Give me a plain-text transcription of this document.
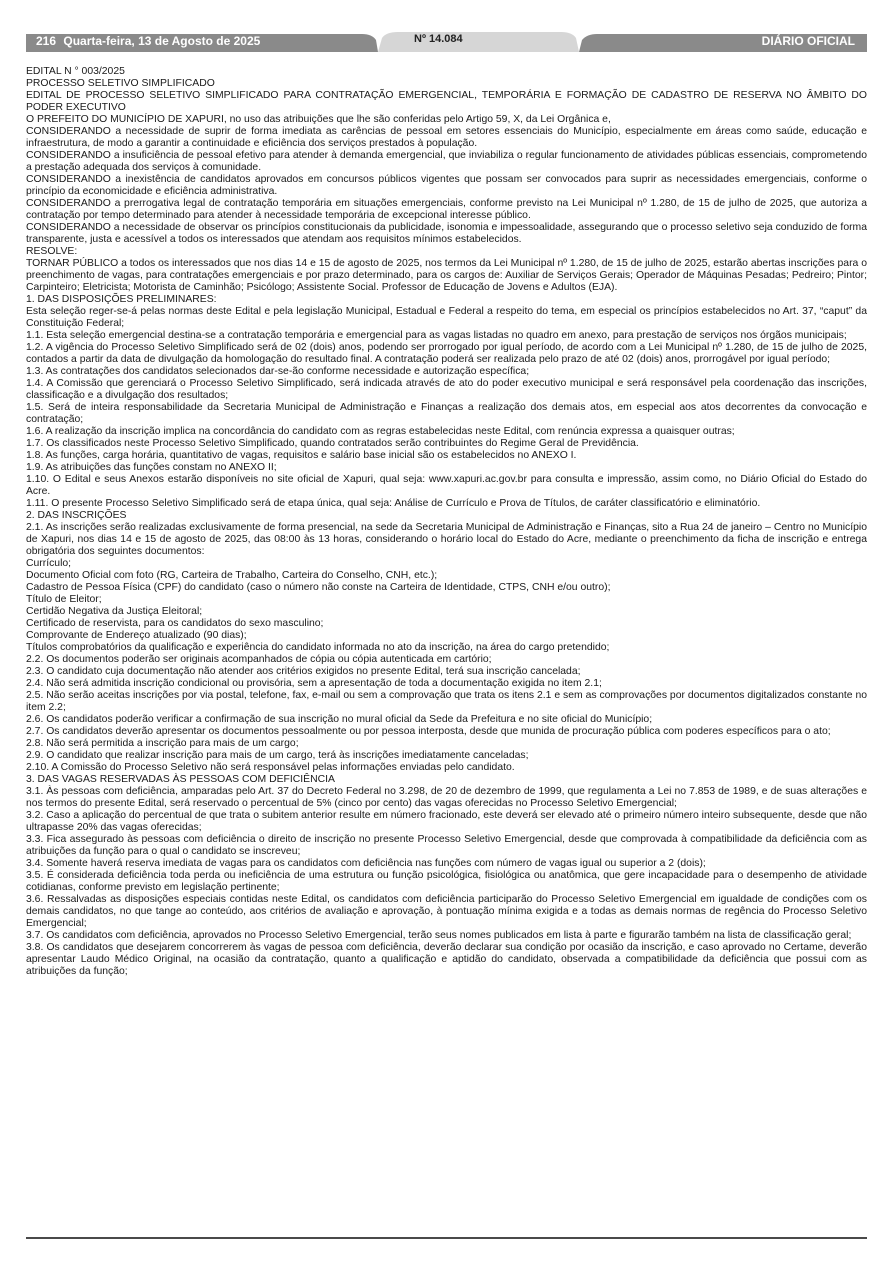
216 Quarta-feira, 13 de Agosto de 2025	Nº 14.084	DIÁRIO OFICIAL

EDITAL N ° 003/2025

PROCESSO SELETIVO SIMPLIFICADO

EDITAL DE PROCESSO SELETIVO SIMPLIFICADO PARA CONTRATAÇÃO EMERGENCIAL, TEMPORÁRIA E FORMAÇÃO DE CADASTRO DE RESERVA NO ÂMBITO DO PODER EXECUTIVO

O PREFEITO DO MUNICÍPIO DE XAPURI, no uso das atribuições que lhe são conferidas pelo Artigo 59, X, da Lei Orgânica e,

CONSIDERANDO a necessidade de suprir de forma imediata as carências de pessoal em setores essenciais do Município, especialmente em áreas como saúde, educação e infraestrutura, de modo a garantir a continuidade e eficiência dos serviços prestados à população.

CONSIDERANDO a insuficiência de pessoal efetivo para atender à demanda emergencial, que inviabiliza o regular funcionamento de atividades públicas essenciais, comprometendo a prestação adequada dos serviços à comunidade.

CONSIDERANDO a inexistência de candidatos aprovados em concursos públicos vigentes que possam ser convocados para suprir as necessidades emergenciais, conforme o princípio da economicidade e eficiência administrativa.

CONSIDERANDO a prerrogativa legal de contratação temporária em situações emergenciais, conforme previsto na Lei Municipal nº 1.280, de 15 de julho de 2025, que autoriza a contratação por tempo determinado para atender à necessidade temporária de excepcional interesse público.

CONSIDERANDO a necessidade de observar os princípios constitucionais da publicidade, isonomia e impessoalidade, assegurando que o processo seletivo seja conduzido de forma transparente, justa e acessível a todos os interessados que atendam aos requisitos mínimos estabelecidos.

RESOLVE:

TORNAR PÚBLICO a todos os interessados que nos dias 14 e 15 de agosto de 2025, nos termos da Lei Municipal nº 1.280, de 15 de julho de 2025, estarão abertas inscrições para o preenchimento de vagas, para contratações emergenciais e por prazo determinado, para os cargos de: Auxiliar de Serviços Gerais; Operador de Máquinas Pesadas; Pedreiro; Pintor; Carpinteiro; Eletricista; Motorista de Caminhão; Psicólogo; Assistente Social. Professor de Educação de Jovens e Adultos (EJA).

1. DAS DISPOSIÇÕES PRELIMINARES:

Esta seleção reger-se-á pelas normas deste Edital e pela legislação Municipal, Estadual e Federal a respeito do tema, em especial os princípios estabelecidos no Art. 37, “caput” da Constituição Federal;

1.1. Esta seleção emergencial destina-se a contratação temporária e emergencial para as vagas listadas no quadro em anexo, para prestação de serviços nos órgãos municipais;

1.2. A vigência do Processo Seletivo Simplificado será de 02 (dois) anos, podendo ser prorrogado por igual período, de acordo com a Lei Municipal nº 1.280, de 15 de julho de 2025, contados a partir da data de divulgação da homologação do resultado final. A contratação poderá ser realizada pelo prazo de até 02 (dois) anos, prorrogável por igual período;

1.3. As contratações dos candidatos selecionados dar-se-ão conforme necessidade e autorização específica;

1.4. A Comissão que gerenciará o Processo Seletivo Simplificado, será indicada através de ato do poder executivo municipal e será responsável pela coordenação das inscrições, classificação e a divulgação dos resultados;

1.5. Será de inteira responsabilidade da Secretaria Municipal de Administração e Finanças a realização dos demais atos, em especial aos atos decorrentes da convocação e contratação;

1.6. A realização da inscrição implica na concordância do candidato com as regras estabelecidas neste Edital, com renúncia expressa a quaisquer outras;

1.7. Os classificados neste Processo Seletivo Simplificado, quando contratados serão contribuintes do Regime Geral de Previdência.

1.8. As funções, carga horária, quantitativo de vagas, requisitos e salário base inicial são os estabelecidos no ANEXO I.

1.9. As atribuições das funções constam no ANEXO II;

1.10. O Edital e seus Anexos estarão disponíveis no site oficial de Xapuri, qual seja: www.xapuri.ac.gov.br para consulta e impressão, assim como, no Diário Oficial do Estado do Acre.

1.11. O presente Processo Seletivo Simplificado será de etapa única, qual seja: Análise de Currículo e Prova de Títulos, de caráter classificatório e eliminatório.

2. DAS INSCRIÇÕES

2.1. As inscrições serão realizadas exclusivamente de forma presencial, na sede da Secretaria Municipal de Administração e Finanças, sito a Rua 24 de janeiro – Centro no Município de Xapuri, nos dias 14 e 15 de agosto de 2025, das 08:00 às 13 horas, considerando o horário local do Estado do Acre, mediante o preenchimento da ficha de inscrição e entrega obrigatória dos seguintes documentos:

Currículo;

Documento Oficial com foto (RG, Carteira de Trabalho, Carteira do Conselho, CNH, etc.);

Cadastro de Pessoa Física (CPF) do candidato (caso o número não conste na Carteira de Identidade, CTPS, CNH e/ou outro);

Título de Eleitor;

Certidão Negativa da Justiça Eleitoral;

Certificado de reservista, para os candidatos do sexo masculino;

Comprovante de Endereço atualizado (90 dias);

Títulos comprobatórios da qualificação e experiência do candidato informada no ato da inscrição, na área do cargo pretendido;

2.2. Os documentos poderão ser originais acompanhados de cópia ou cópia autenticada em cartório;

2.3. O candidato cuja documentação não atender aos critérios exigidos no presente Edital, terá sua inscrição cancelada;

2.4. Não será admitida inscrição condicional ou provisória, sem a apresentação de toda a documentação exigida no item 2.1;

2.5. Não serão aceitas inscrições por via postal, telefone, fax, e-mail ou sem a comprovação que trata os itens 2.1 e sem as comprovações por documentos digitalizados constante no item 2.2;

2.6. Os candidatos poderão verificar a confirmação de sua inscrição no mural oficial da Sede da Prefeitura e no site oficial do Município;

2.7. Os candidatos deverão apresentar os documentos pessoalmente ou por pessoa interposta, desde que munida de procuração pública com poderes específicos para o ato;

2.8. Não será permitida a inscrição para mais de um cargo;

2.9. O candidato que realizar inscrição para mais de um cargo, terá às inscrições imediatamente canceladas;

2.10. A Comissão do Processo Seletivo não será responsável pelas informações enviadas pelo candidato.

3. DAS VAGAS RESERVADAS ÀS PESSOAS COM DEFICIÊNCIA

3.1. Às pessoas com deficiência, amparadas pelo Art. 37 do Decreto Federal no 3.298, de 20 de dezembro de 1999, que regulamenta a Lei no 7.853 de 1989, e de suas alterações e nos termos do presente Edital, será reservado o percentual de 5% (cinco por cento) das vagas oferecidas no Processo Seletivo Emergencial;

3.2. Caso a aplicação do percentual de que trata o subitem anterior resulte em número fracionado, este deverá ser elevado até o primeiro número inteiro subsequente, desde que não ultrapasse 20% das vagas oferecidas;

3.3. Fica assegurado às pessoas com deficiência o direito de inscrição no presente Processo Seletivo Emergencial, desde que comprovada à compatibilidade da deficiência com as atribuições da função para o qual o candidato se inscreveu;

3.4. Somente haverá reserva imediata de vagas para os candidatos com deficiência nas funções com número de vagas igual ou superior a 2 (dois);

3.5. É considerada deficiência toda perda ou ineficiência de uma estrutura ou função psicológica, fisiológica ou anatômica, que gere incapacidade para o desempenho de atividade cotidianas, conforme previsto em legislação pertinente;

3.6. Ressalvadas as disposições especiais contidas neste Edital, os candidatos com deficiência participarão do Processo Seletivo Emergencial em igualdade de condições com os demais candidatos, no que tange ao conteúdo, aos critérios de avaliação e aprovação, à pontuação mínima exigida e a todas as demais normas de regência do Processo Seletivo Emergencial;

3.7. Os candidatos com deficiência, aprovados no Processo Seletivo Emergencial, terão seus nomes publicados em lista à parte e figurarão também na lista de classificação geral;

3.8. Os candidatos que desejarem concorrerem às vagas de pessoa com deficiência, deverão declarar sua condição por ocasião da inscrição, e caso aprovado no Certame, deverão apresentar Laudo Médico Original, na ocasião da contratação, quanto a qualificação e aptidão do candidato, observada a compatibilidade da deficiência que possui com as atribuições da função;
